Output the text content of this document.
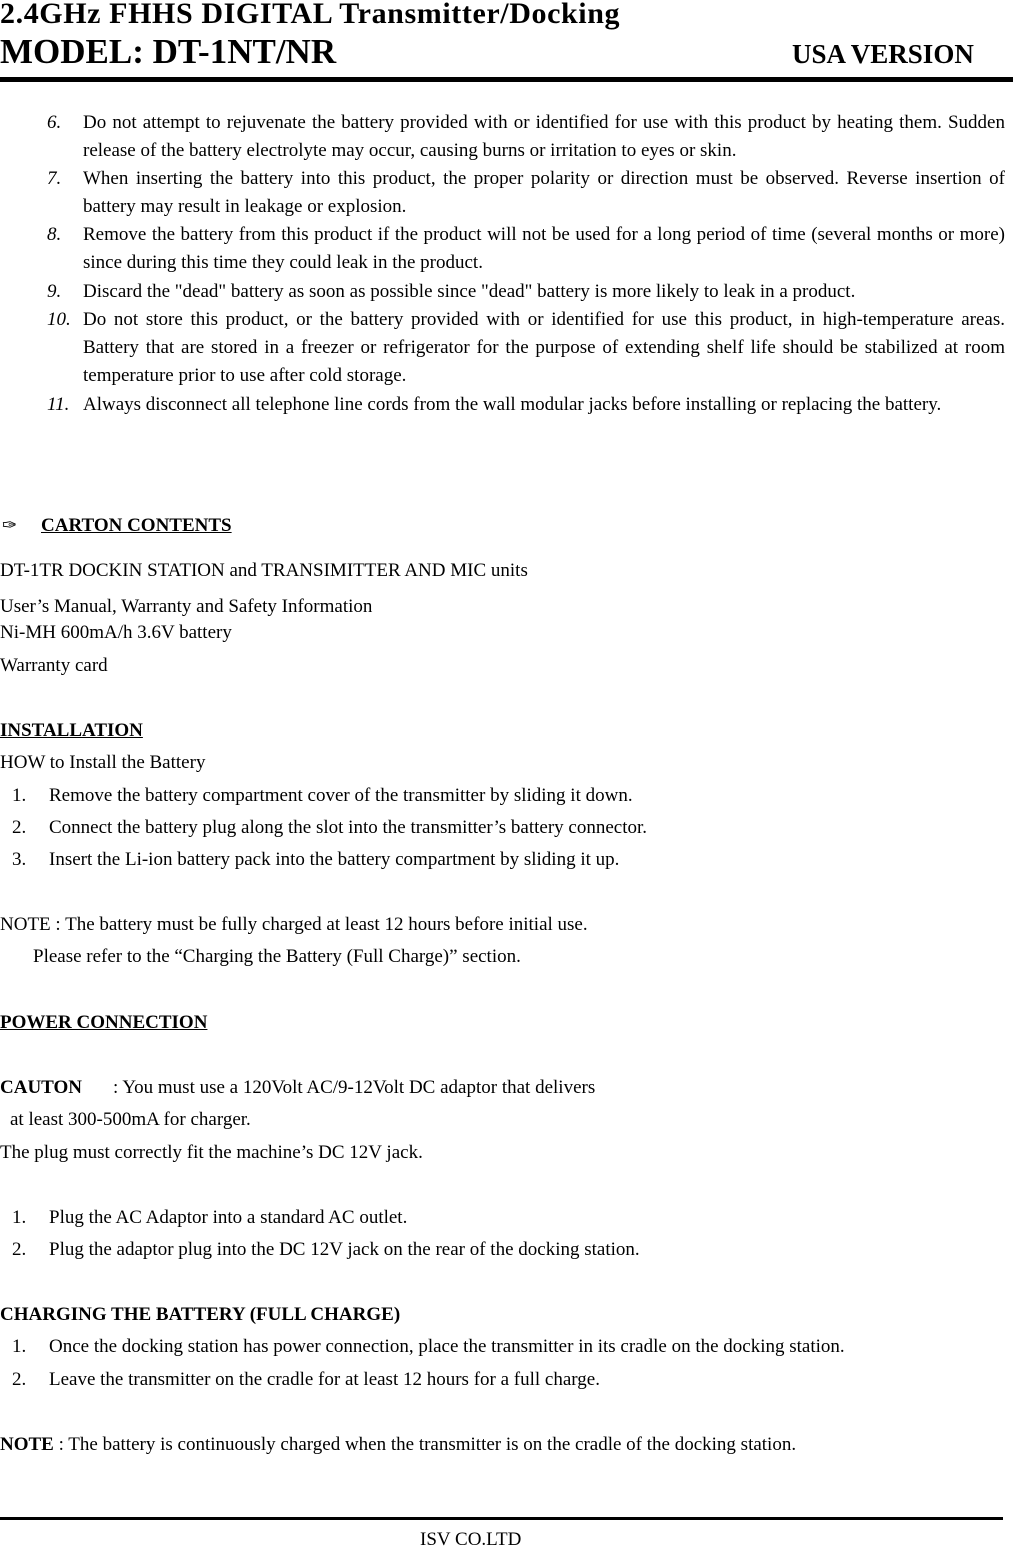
2.4GHz FHHS DIGITAL Transmitter/Docking
MODEL: DT-1NT/NR	USA VERSION
6. Do not attempt to rejuvenate the battery provided with or identified for use with this product by heating them. Sudden release of the battery electrolyte may occur, causing burns or irritation to eyes or skin.
7. When inserting the battery into this product, the proper polarity or direction must be observed. Reverse insertion of battery may result in leakage or explosion.
8. Remove the battery from this product if the product will not be used for a long period of time (several months or more) since during this time they could leak in the product.
9. Discard the "dead" battery as soon as possible since "dead" battery is more likely to leak in a product.
10. Do not store this product, or the battery provided with or identified for use this product, in high-temperature areas. Battery that are stored in a freezer or refrigerator for the purpose of extending shelf life should be stabilized at room temperature prior to use after cold storage.
11. Always disconnect all telephone line cords from the wall modular jacks before installing or replacing the battery.
✑ CARTON CONTENTS
DT-1TR DOCKIN STATION and TRANSIMITTER AND MIC units
User’s Manual, Warranty and Safety Information
Ni-MH 600mA/h 3.6V battery
Warranty card
INSTALLATION
HOW to Install the Battery
1. Remove the battery compartment cover of the transmitter by sliding it down.
2. Connect the battery plug along the slot into the transmitter’s battery connector.
3. Insert the Li-ion battery pack into the battery compartment by sliding it up.
NOTE : The battery must be fully charged at least 12 hours before initial use.
Please refer to the “Charging the Battery (Full Charge)” section.
POWER CONNECTION
CAUTON : You must use a 120Volt AC/9-12Volt DC adaptor that delivers
at least 300-500mA for charger.
The plug must correctly fit the machine’s DC 12V jack.
1. Plug the AC Adaptor into a standard AC outlet.
2. Plug the adaptor plug into the DC 12V jack on the rear of the docking station.
CHARGING THE BATTERY (FULL CHARGE)
1. Once the docking station has power connection, place the transmitter in its cradle on the docking station.
2. Leave the transmitter on the cradle for at least 12 hours for a full charge.
NOTE : The battery is continuously charged when the transmitter is on the cradle of the docking station.
ISV CO.LTD
